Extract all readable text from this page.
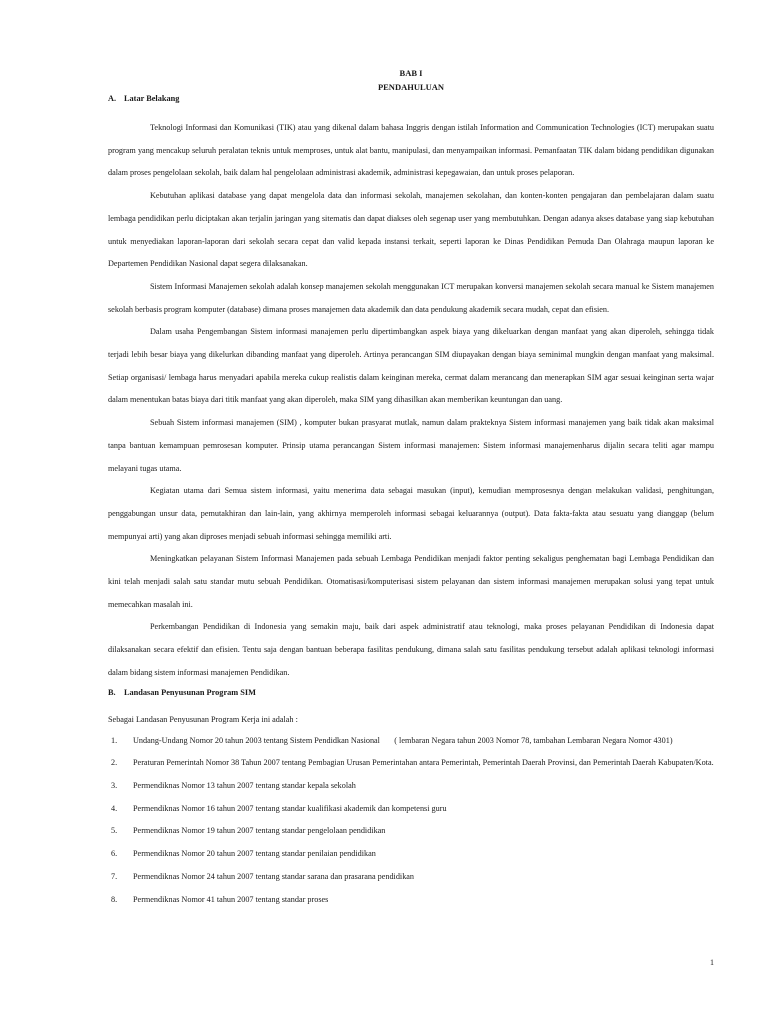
BAB I
PENDAHULUAN
A. Latar Belakang

Teknologi Informasi dan Komunikasi (TIK) atau yang dikenal dalam bahasa Inggris dengan istilah Information and Communication Technologies (ICT) merupakan suatu program yang mencakup seluruh peralatan teknis untuk memproses, untuk alat bantu, manipulasi, dan menyampaikan informasi. Pemanfaatan TIK dalam bidang pendidikan digunakan dalam proses pengelolaan sekolah, baik dalam hal pengelolaan administrasi akademik, administrasi kepegawaian, dan untuk proses pelaporan.

Kebutuhan aplikasi database yang dapat mengelola data dan informasi sekolah, manajemen sekolahan, dan konten-konten pengajaran dan pembelajaran dalam suatu lembaga pendidikan perlu diciptakan akan terjalin jaringan yang sitematis dan dapat diakses oleh segenap user yang membutuhkan. Dengan adanya akses database yang siap kebutuhan untuk menyediakan laporan-laporan dari sekolah secara cepat dan valid kepada instansi terkait, seperti laporan ke Dinas Pendidikan Pemuda Dan Olahraga maupun laporan ke Departemen Pendidikan Nasional dapat segera dilaksanakan.

Sistem Informasi Manajemen sekolah adalah konsep manajemen sekolah menggunakan ICT merupakan konversi manajemen sekolah secara manual ke Sistem manajemen sekolah berbasis program komputer (database) dimana proses manajemen data akademik dan data pendukung akademik secara mudah, cepat dan efisien.

Dalam usaha Pengembangan Sistem informasi manajemen perlu dipertimbangkan aspek biaya yang dikeluarkan dengan manfaat yang akan diperoleh, sehingga tidak terjadi lebih besar biaya yang dikelurkan dibanding manfaat yang diperoleh. Artinya perancangan SIM diupayakan dengan biaya seminimal mungkin dengan manfaat yang maksimal. Setiap organisasi/ lembaga harus menyadari apabila mereka cukup realistis dalam keinginan mereka, cermat dalam merancang dan menerapkan SIM agar sesuai keinginan serta wajar dalam menentukan batas biaya dari titik manfaat yang akan diperoleh, maka SIM yang dihasilkan akan memberikan keuntungan dan uang.

Sebuah Sistem informasi manajemen (SIM) , komputer bukan prasyarat mutlak, namun dalam prakteknya Sistem informasi manajemen yang baik tidak akan maksimal tanpa bantuan kemampuan pemrosesan komputer. Prinsip utama perancangan Sistem informasi manajemen: Sistem informasi manajemenharus dijalin secara teliti agar mampu melayani tugas utama.

Kegiatan utama dari Semua sistem informasi, yaitu menerima data sebagai masukan (input), kemudian memprosesnya dengan melakukan validasi, penghitungan, penggabungan unsur data, pemutakhiran dan lain-lain, yang akhirnya memperoleh informasi sebagai keluarannya (output). Data fakta-fakta atau sesuatu yang dianggap (belum mempunyai arti) yang akan diproses menjadi sebuah informasi sehingga memiliki arti.

Meningkatkan pelayanan Sistem Informasi Manajemen pada sebuah Lembaga Pendidikan menjadi faktor penting sekaligus penghematan bagi Lembaga Pendidikan dan kini telah menjadi salah satu standar mutu sebuah Pendidikan. Otomatisasi/komputerisasi sistem pelayanan dan sistem informasi manajemen merupakan solusi yang tepat untuk memecahkan masalah ini.

Perkembangan Pendidikan di Indonesia yang semakin maju, baik dari aspek administratif atau teknologi, maka proses pelayanan Pendidikan di Indonesia dapat dilaksanakan secara efektif dan efisien. Tentu saja dengan bantuan beberapa fasilitas pendukung, dimana salah satu fasilitas pendukung tersebut adalah aplikasi teknologi informasi dalam bidang sistem informasi manajemen Pendidikan.

B. Landasan Penyusunan Program SIM

Sebagai Landasan Penyusunan Program Kerja ini adalah :

1. Undang-Undang Nomor 20 tahun 2003 tentang Sistem Pendidkan Nasional       ( lembaran Negara tahun 2003 Nomor 78, tambahan Lembaran Negara Nomor 4301)
2. Peraturan Pemerintah Nomor 38 Tahun 2007 tentang Pembagian Urusan Pemerintahan antara Pemerintah, Pemerintah Daerah Provinsi, dan Pemerintah Daerah Kabupaten/Kota.
3. Permendiknas Nomor 13 tahun 2007 tentang standar kepala sekolah
4. Permendiknas Nomor 16 tahun 2007 tentang standar kualifikasi akademik dan kompetensi guru
5. Permendiknas Nomor 19 tahun 2007 tentang standar pengelolaan pendidikan
6. Permendiknas Nomor 20 tahun 2007 tentang standar penilaian pendidikan
7. Permendiknas Nomor 24 tahun 2007 tentang standar sarana dan prasarana pendidikan
8. Permendiknas Nomor 41 tahun 2007 tentang standar proses
1
